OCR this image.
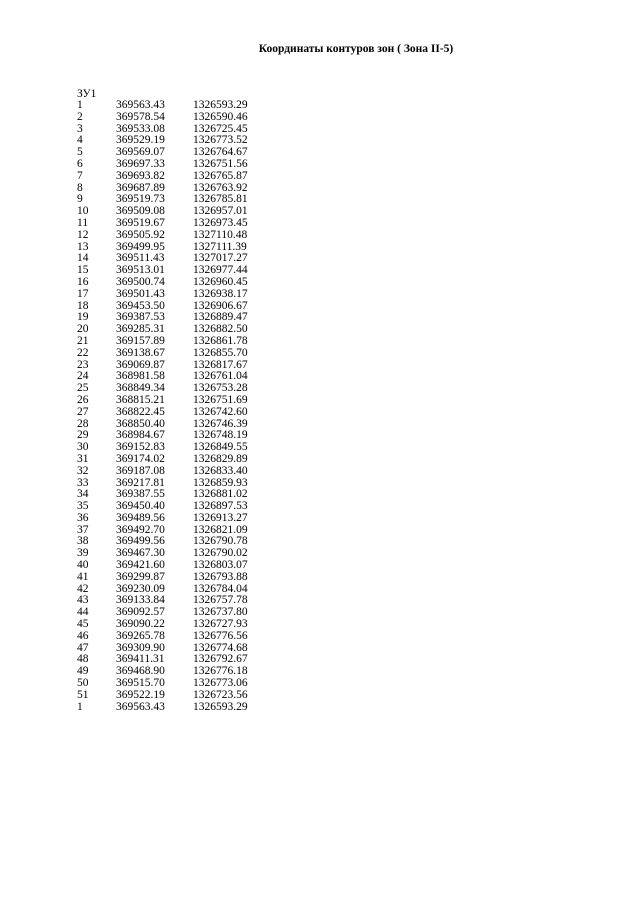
Координаты контуров зон ( Зона II-5)
ЗУ1
1	369563.43	1326593.29
2	369578.54	1326590.46
3	369533.08	1326725.45
4	369529.19	1326773.52
5	369569.07	1326764.67
6	369697.33	1326751.56
7	369693.82	1326765.87
8	369687.89	1326763.92
9	369519.73	1326785.81
10	369509.08	1326957.01
11	369519.67	1326973.45
12	369505.92	1327110.48
13	369499.95	1327111.39
14	369511.43	1327017.27
15	369513.01	1326977.44
16	369500.74	1326960.45
17	369501.43	1326938.17
18	369453.50	1326906.67
19	369387.53	1326889.47
20	369285.31	1326882.50
21	369157.89	1326861.78
22	369138.67	1326855.70
23	369069.87	1326817.67
24	368981.58	1326761.04
25	368849.34	1326753.28
26	368815.21	1326751.69
27	368822.45	1326742.60
28	368850.40	1326746.39
29	368984.67	1326748.19
30	369152.83	1326849.55
31	369174.02	1326829.89
32	369187.08	1326833.40
33	369217.81	1326859.93
34	369387.55	1326881.02
35	369450.40	1326897.53
36	369489.56	1326913.27
37	369492.70	1326821.09
38	369499.56	1326790.78
39	369467.30	1326790.02
40	369421.60	1326803.07
41	369299.87	1326793.88
42	369230.09	1326784.04
43	369133.84	1326757.78
44	369092.57	1326737.80
45	369090.22	1326727.93
46	369265.78	1326776.56
47	369309.90	1326774.68
48	369411.31	1326792.67
49	369468.90	1326776.18
50	369515.70	1326773.06
51	369522.19	1326723.56
1	369563.43	1326593.29
